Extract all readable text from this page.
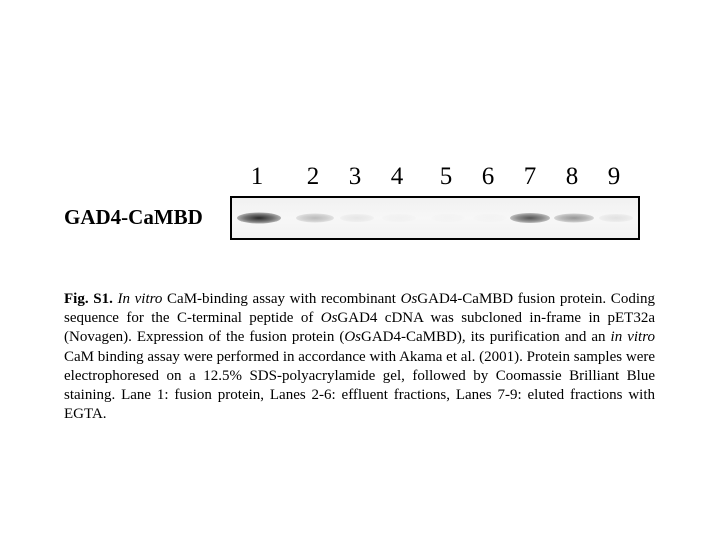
1 2 3 4 5 6 7 8 9
GAD4-CaMBD

Fig. S1. In vitro CaM-binding assay with recombinant OsGAD4-CaMBD fusion protein. Coding sequence for the C-terminal peptide of OsGAD4 cDNA was subcloned in-frame in pET32a (Novagen). Expression of the fusion protein (OsGAD4-CaMBD), its purification and an in vitro CaM binding assay were performed in accordance with Akama et al. (2001). Protein samples were electrophoresed on a 12.5% SDS-polyacrylamide gel, followed by Coomassie Brilliant Blue staining. Lane 1: fusion protein, Lanes 2-6: effluent fractions, Lanes 7-9: eluted fractions with EGTA.
